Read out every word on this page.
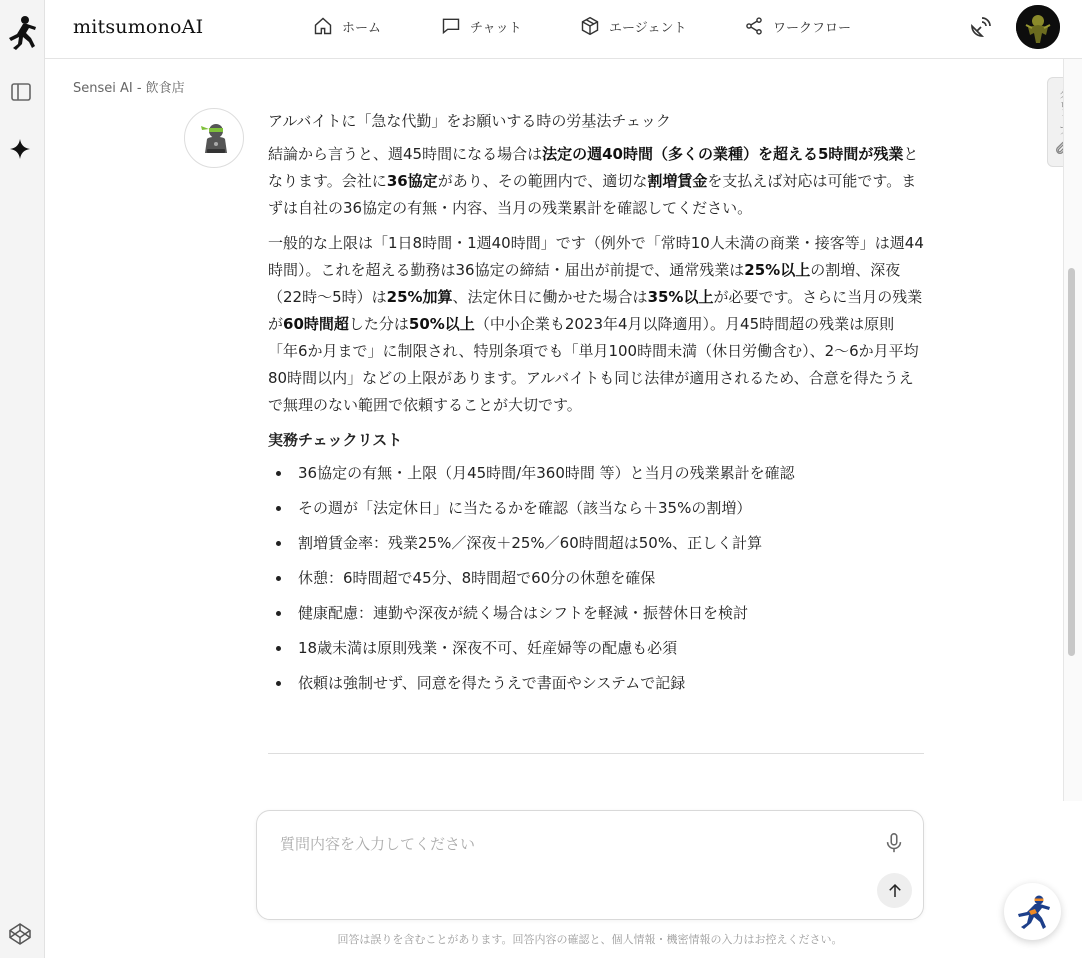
mitsumonoAI	ホーム	チャット	エージェント	ワークフロー
Sensei AI - 飲食店
アルバイトに「急な代勤」をお願いする時の労基法チェック

結論から言うと、週45時間になる場合は法定の週40時間（多くの業種）を超える5時間が残業となります。会社に36協定があり、その範囲内で、適切な割増賃金を支払えば対応は可能です。まずは自社の36協定の有無・内容、当月の残業累計を確認してください。

一般的な上限は「1日8時間・1週40時間」です（例外で「常時10人未満の商業・接客等」は週44時間）。これを超える勤務は36協定の締結・届出が前提で、通常残業は25%以上の割増、深夜（22時〜5時）は25%加算、法定休日に働かせた場合は35%以上が必要です。さらに当月の残業が60時間超した分は50%以上（中小企業も2023年4月以降適用）。月45時間超の残業は原則「年6か月まで」に制限され、特別条項でも「単月100時間未満（休日労働含む）、2〜6か月平均80時間以内」などの上限があります。アルバイトも同じ法律が適用されるため、合意を得たうえで無理のない範囲で依頼することが大切です。

実務チェックリスト
36協定の有無・上限（月45時間/年360時間 等）と当月の残業累計を確認
その週が「法定休日」に当たるかを確認（該当なら＋35%の割増）
割増賃金率：残業25%／深夜＋25%／60時間超は50%、正しく計算
休憩：6時間超で45分、8時間超で60分の休憩を確保
健康配慮：連勤や深夜が続く場合はシフトを軽減・振替休日を検討
18歳未満は原則残業・深夜不可、妊産婦等の配慮も必須
依頼は強制せず、同意を得たうえで書面やシステムで記録
質問内容を入力してください
回答は誤りを含むことがあります。回答内容の確認と、個人情報・機密情報の入力はお控えください。
